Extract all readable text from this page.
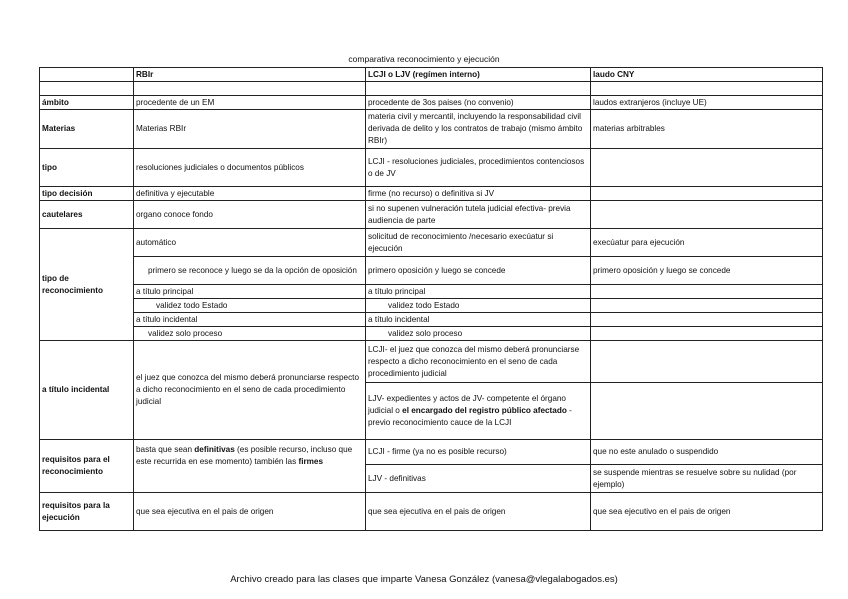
comparativa reconocimiento y ejecución
	RBIr	LCJI o LJV (regímen interno)	laudo CNY

ámbito	procedente de un EM	procedente de 3os paises (no convenio)	laudos extranjeros (incluye UE)
Materias	Materias RBIr	materia civil y mercantil, incluyendo la responsabilidad civil derivada de delito y los contratos de trabajo (mismo ámbito RBIr)	materias arbitrables
tipo	resoluciones judiciales o documentos públicos	LCJI - resoluciones judiciales, procedimientos contenciosos o de JV	
tipo decisión	definitiva y ejecutable	firme (no recurso) o definitiva si JV	
cautelares	organo conoce fondo	si no supenen vulneración tutela judicial efectiva- previa audiencia de parte	
tipo de reconocimiento	automático	solicitud de reconocimiento /necesario execúatur si ejecución	execúatur para ejecución
	primero se reconoce y luego se da la opción de oposición	primero oposición y luego se concede	primero oposición y luego se concede
	a título principal	a título principal	
	validez todo Estado	validez todo Estado	
	a título incidental	a título incidental	
	validez solo proceso	validez solo proceso	
a título incidental	el juez que conozca del mismo deberá pronunciarse respecto a dicho reconocimiento en el seno de cada procedimiento judicial	LCJI- el juez que conozca del mismo deberá pronunciarse respecto a dicho reconocimiento en el seno de cada procedimiento judicial	
		LJV- expedientes y actos de JV- competente el órgano judicial o el encargado del registro público afectado -previo reconocimiento cauce de la LCJI	
requisitos para el reconocimiento	basta que sean definitivas (es posible recurso, incluso que este recurrida en ese momento) también las firmes	LCJI - firme (ya no es posible recurso)	que no este anulado o suspendido
		LJV - definitivas	se suspende mientras se resuelve sobre su nulidad (por ejemplo)
requisitos para la ejecución	que sea ejecutiva en el pais de origen	que sea ejecutiva en el pais de origen	que sea ejecutivo en el pais de origen
Archivo creado para las clases que imparte Vanesa González (vanesa@vlegalabogados.es)
